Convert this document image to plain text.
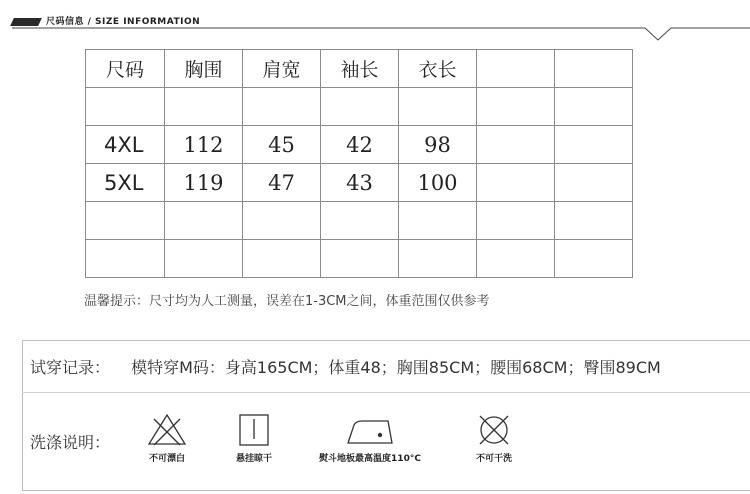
尺码信息 / SIZE INFORMATION
尺码	胸围	肩宽	袖长	衣长		

4XL	112	45	42	98		
5XL	119	47	43	100		

温馨提示：尺寸均为人工测量，误差在1-3CM之间，体重范围仅供参考
试穿记录： 模特穿M码：身高165CM；体重48；胸围85CM；腰围68CM；臀围89CM
洗涤说明：
不可漂白	悬挂晾干	熨斗地板最高温度110°C	不可干洗
